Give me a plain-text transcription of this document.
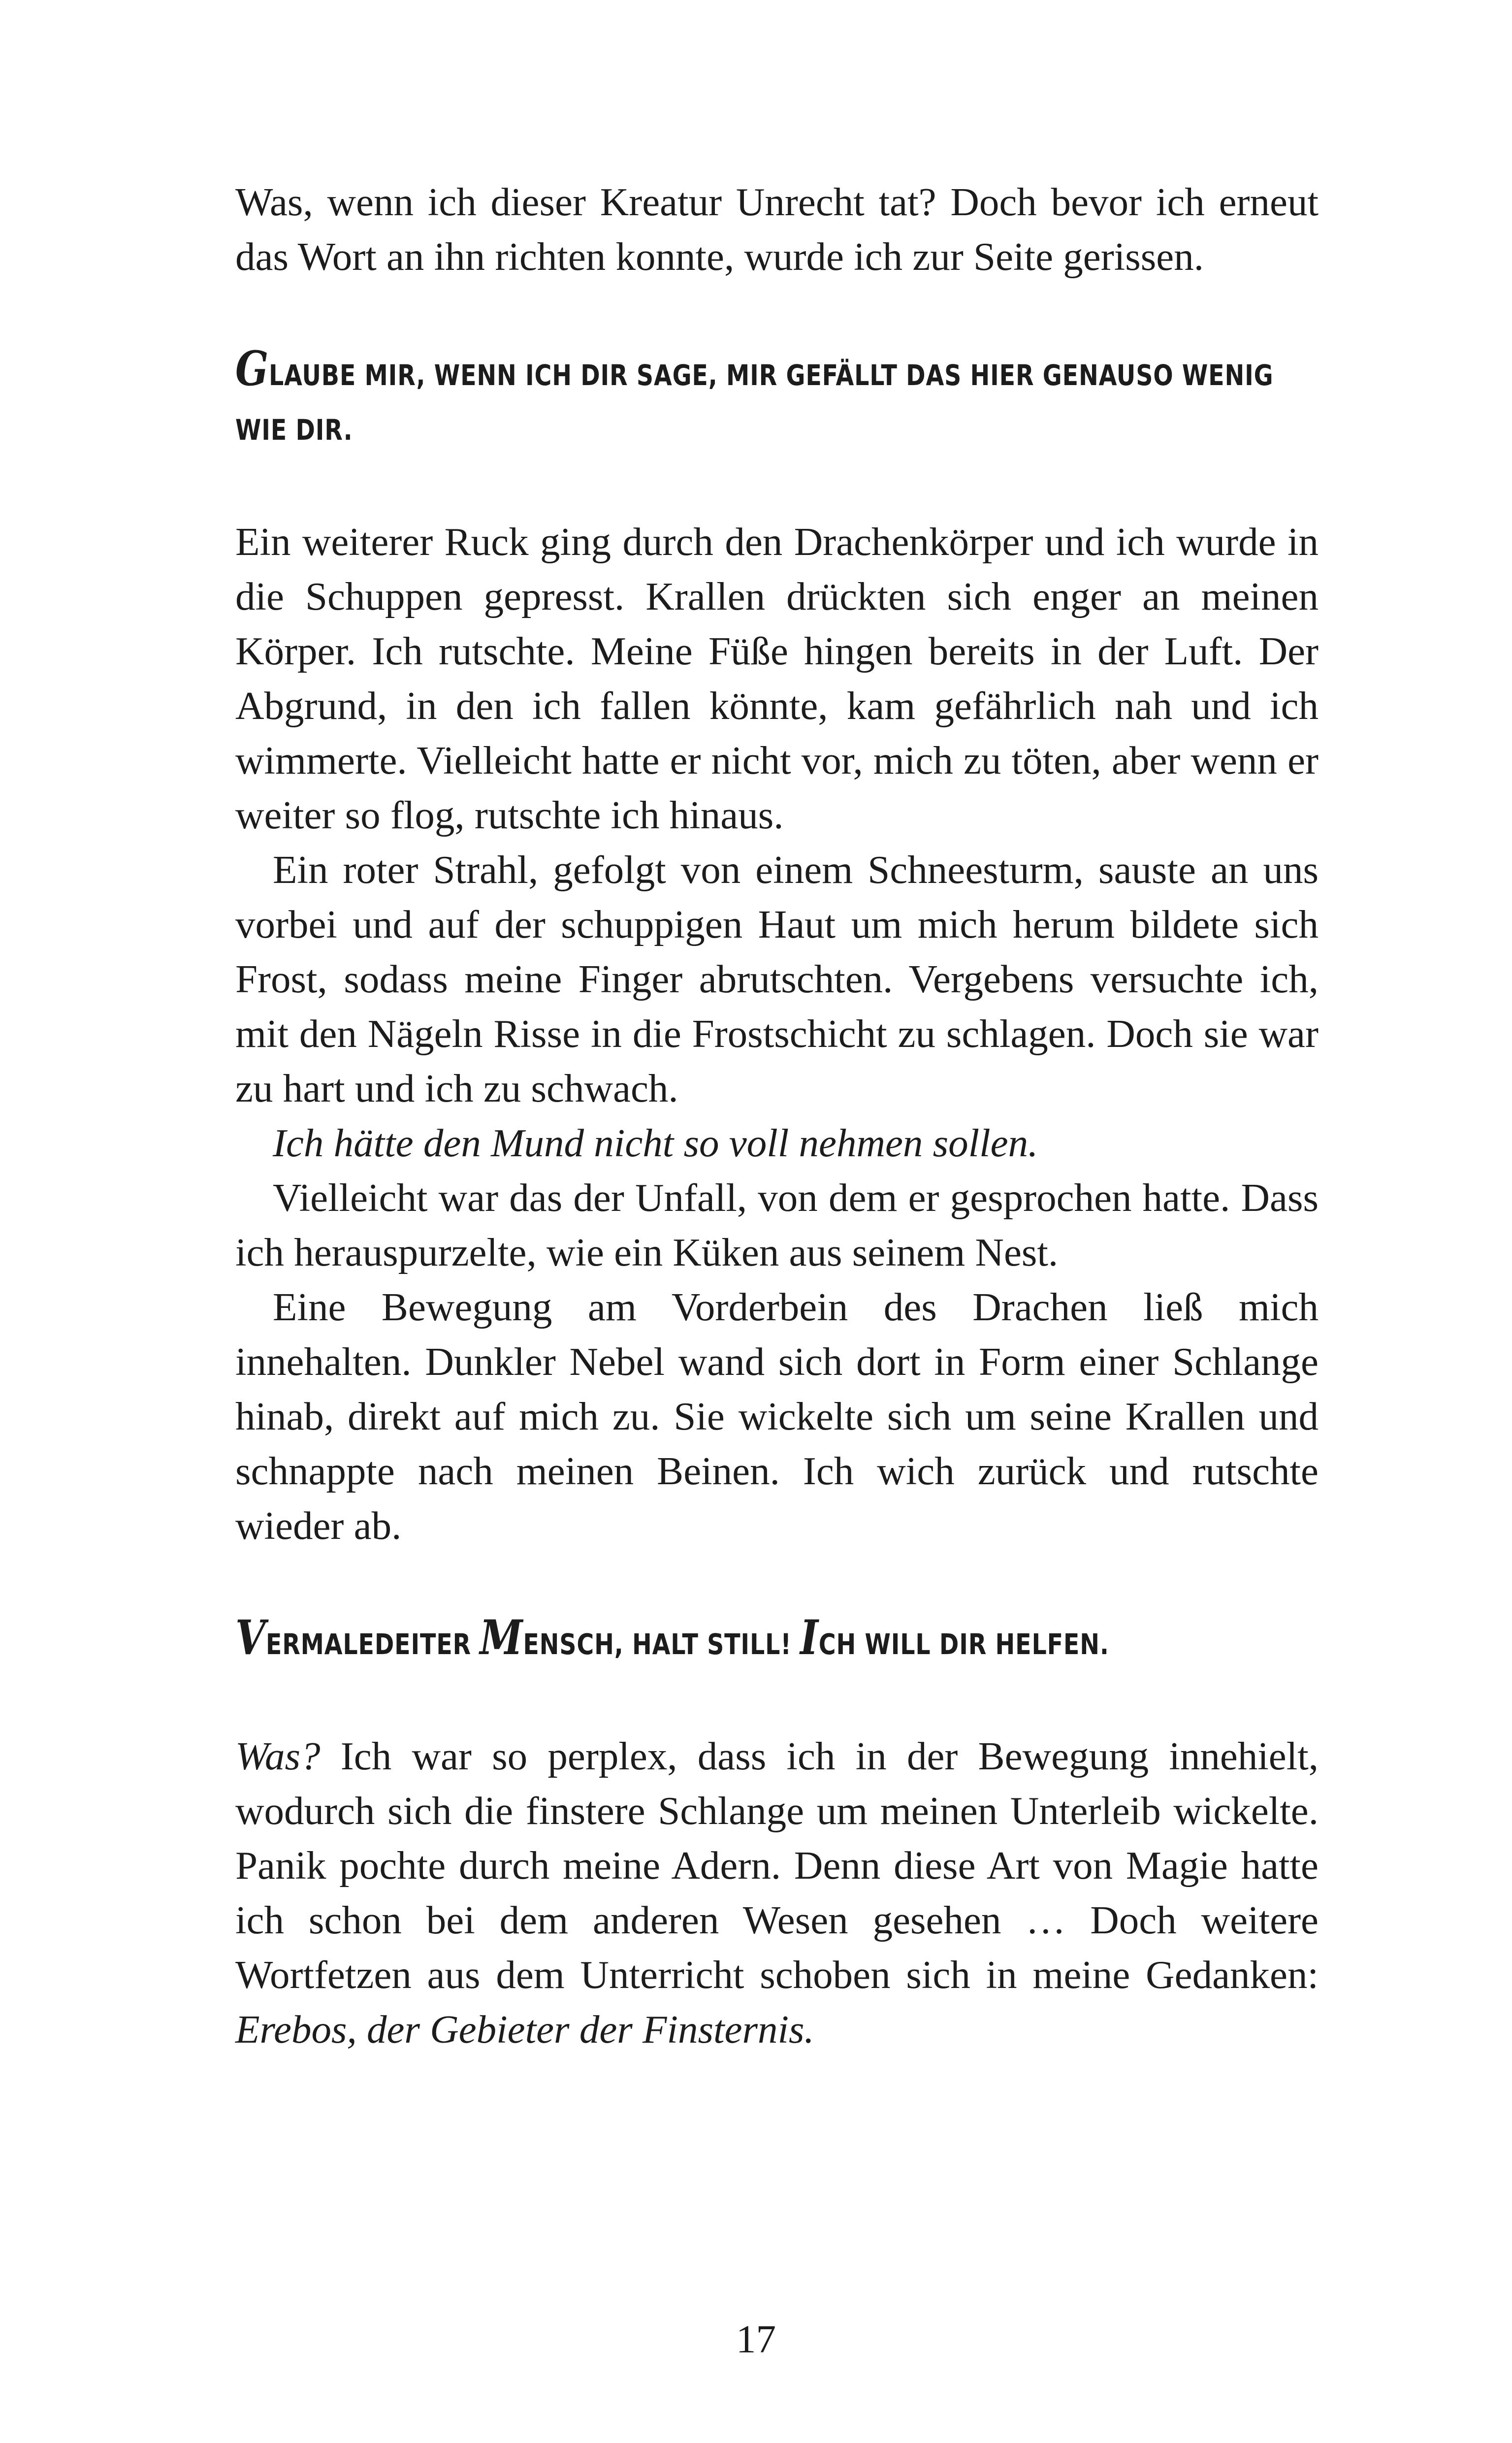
Was, wenn ich dieser Kreatur Unrecht tat? Doch bevor ich erneut das Wort an ihn richten konnte, wurde ich zur Seite gerissen.

GLAUBE MIR, WENN ICH DIR SAGE, MIR GEFÄLLT DAS HIER GENAUSO WENIG WIE DIR.

Ein weiterer Ruck ging durch den Drachenkörper und ich wurde in die Schuppen gepresst. Krallen drückten sich enger an meinen Körper. Ich rutschte. Meine Füße hingen bereits in der Luft. Der Abgrund, in den ich fallen könnte, kam gefährlich nah und ich wimmerte. Vielleicht hatte er nicht vor, mich zu töten, aber wenn er weiter so flog, rutschte ich hinaus.

Ein roter Strahl, gefolgt von einem Schneesturm, sauste an uns vorbei und auf der schuppigen Haut um mich herum bildete sich Frost, sodass meine Finger abrutschten. Vergebens versuchte ich, mit den Nägeln Risse in die Frostschicht zu schlagen. Doch sie war zu hart und ich zu schwach.

Ich hätte den Mund nicht so voll nehmen sollen.

Vielleicht war das der Unfall, von dem er gesprochen hatte. Dass ich herauspurzelte, wie ein Küken aus seinem Nest.

Eine Bewegung am Vorderbein des Drachen ließ mich innehalten. Dunkler Nebel wand sich dort in Form einer Schlange hinab, direkt auf mich zu. Sie wickelte sich um seine Krallen und schnappte nach meinen Beinen. Ich wich zurück und rutschte wieder ab.

VERMALEDEITER MENSCH, HALT STILL! ICH WILL DIR HELFEN.

Was? Ich war so perplex, dass ich in der Bewegung innehielt, wodurch sich die finstere Schlange um meinen Unterleib wickelte. Panik pochte durch meine Adern. Denn diese Art von Magie hatte ich schon bei dem anderen Wesen gesehen … Doch weitere Wortfetzen aus dem Unterricht schoben sich in meine Gedanken: Erebos, der Gebieter der Finsternis.

17
